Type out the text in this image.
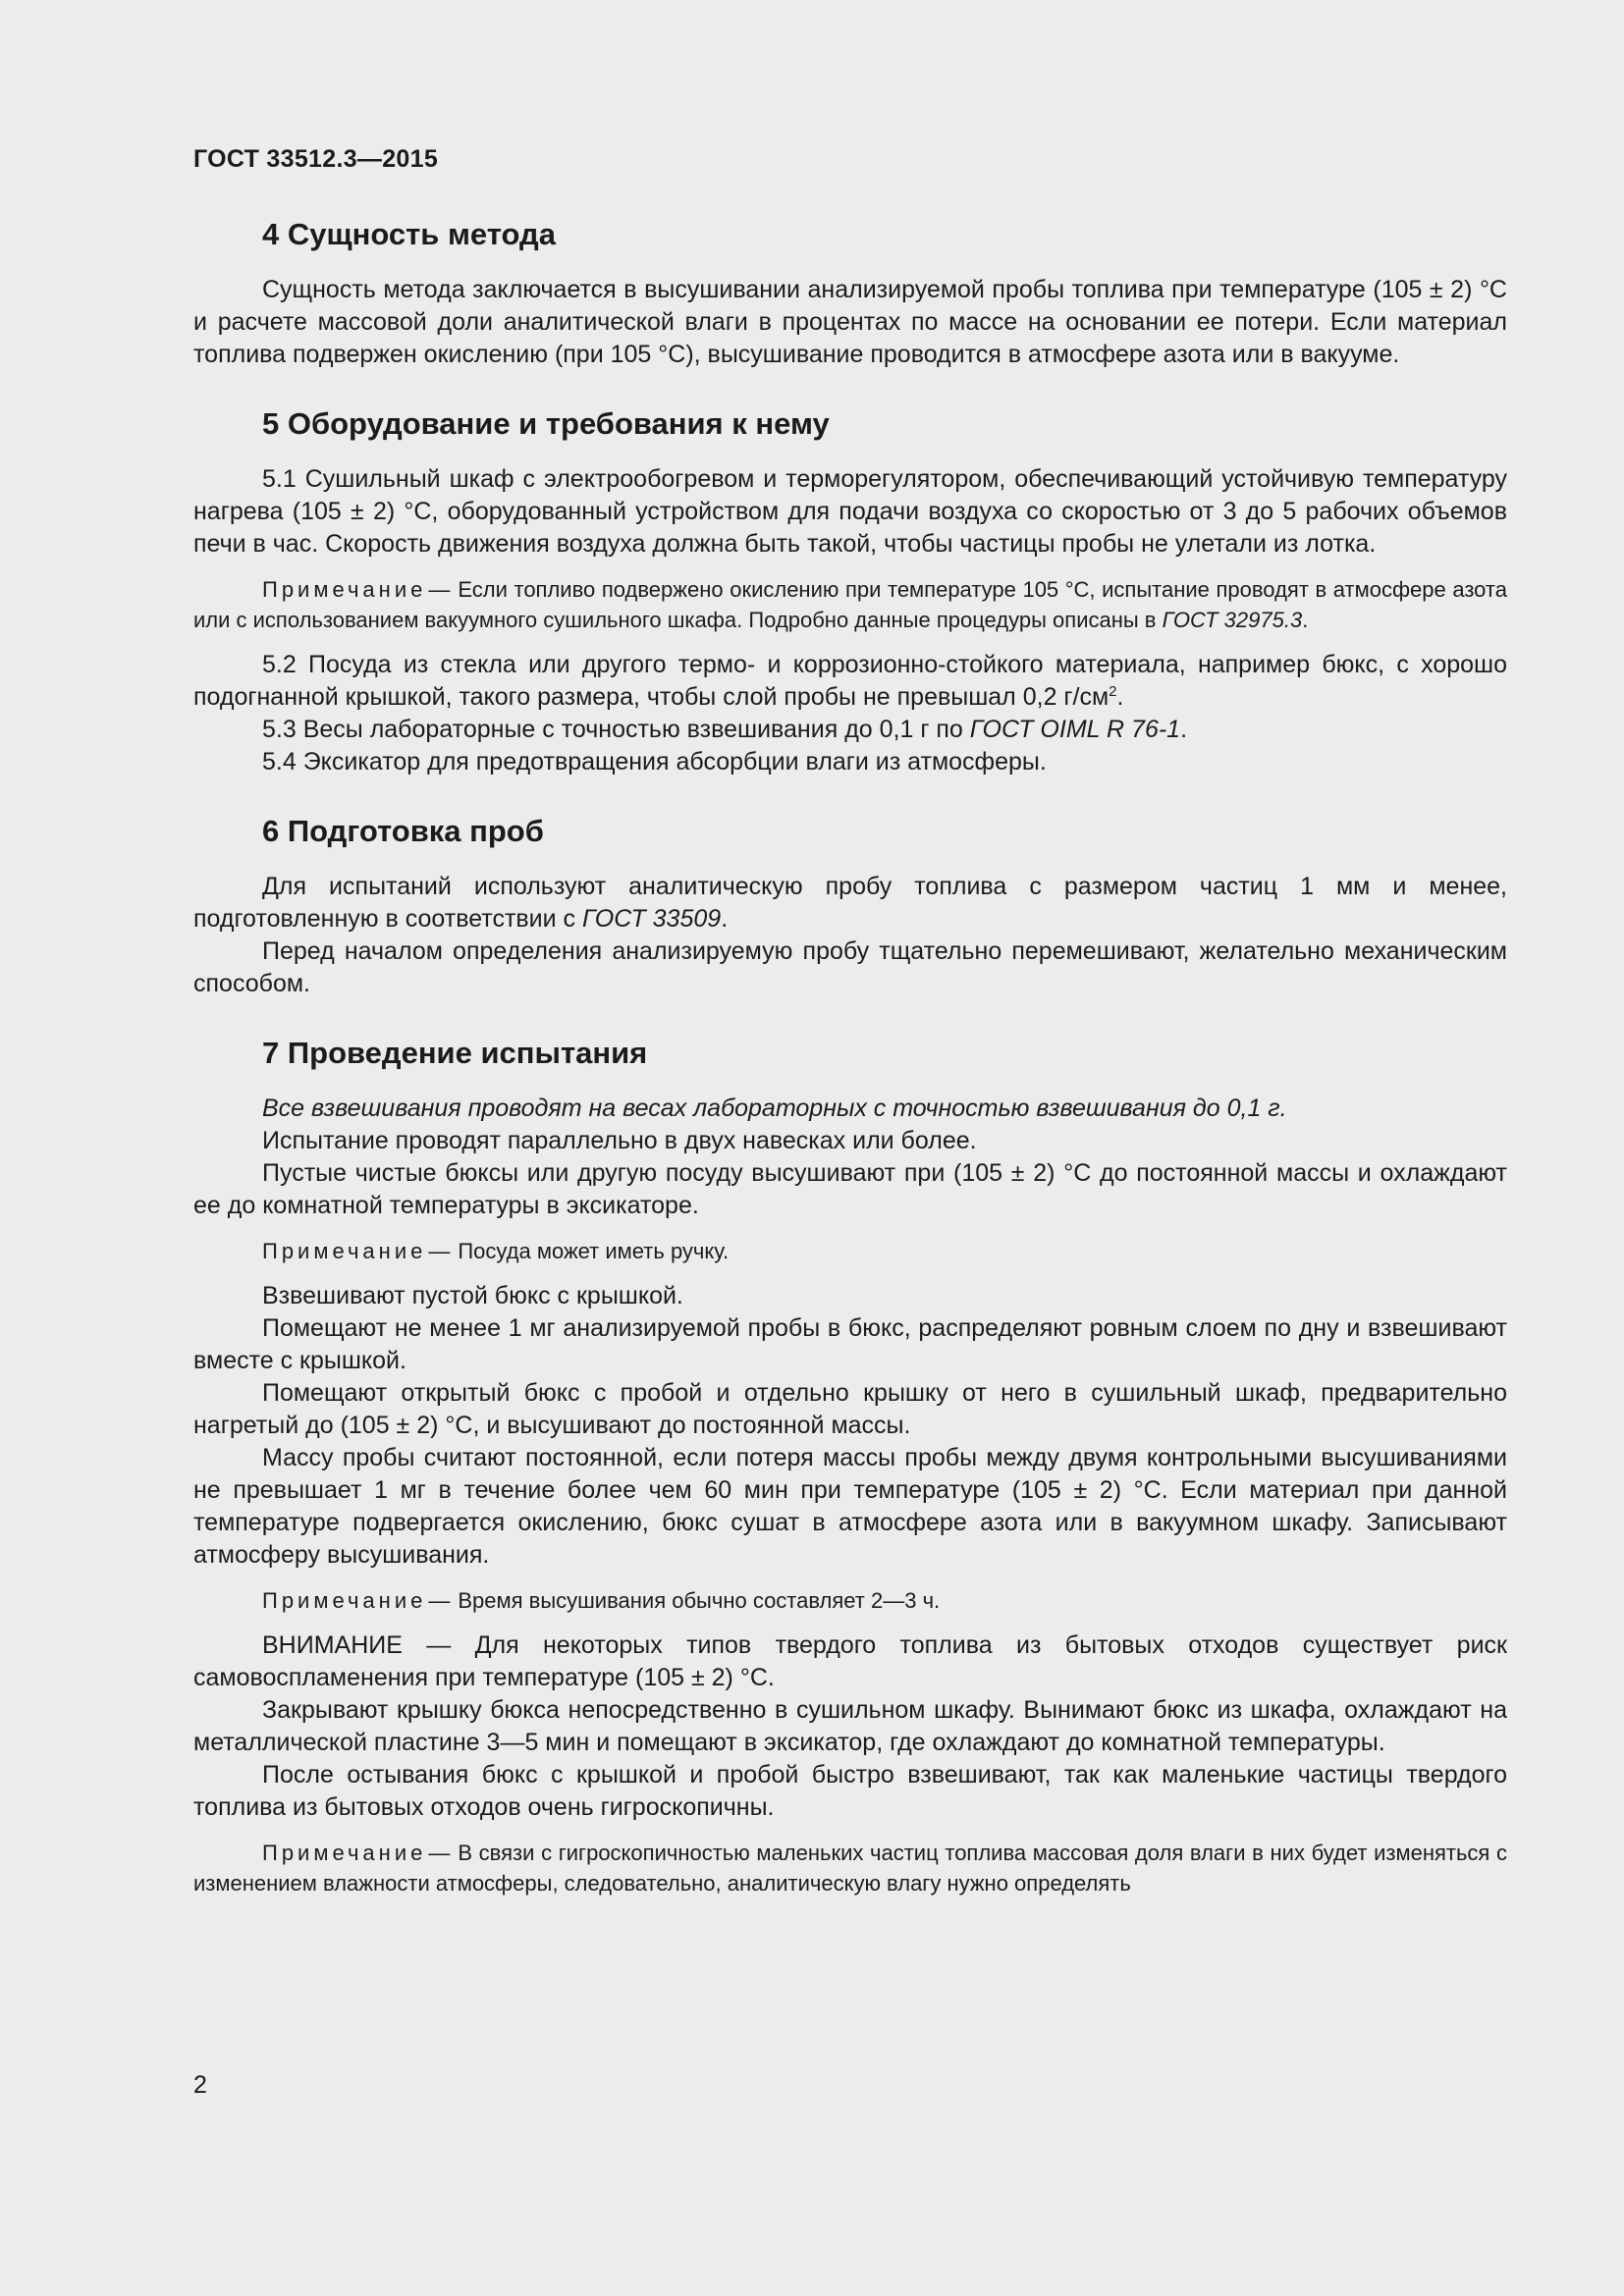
ГОСТ 33512.3—2015
4 Сущность метода

Сущность метода заключается в высушивании анализируемой пробы топлива при температуре (105 ± 2) °С и расчете массовой доли аналитической влаги в процентах по массе на основании ее потери. Если материал топлива подвержен окислению (при 105 °С), высушивание проводится в атмосфере азота или в вакууме.

5 Оборудование и требования к нему

5.1 Сушильный шкаф с электрообогревом и терморегулятором, обеспечивающий устойчивую температуру нагрева (105 ± 2) °С, оборудованный устройством для подачи воздуха со скоростью от 3 до 5 рабочих объемов печи в час. Скорость движения воздуха должна быть такой, чтобы частицы пробы не улетали из лотка.

Примечание— Если топливо подвержено окислению при температуре 105 °С, испытание проводят в атмосфере азота или с использованием вакуумного сушильного шкафа. Подробно данные процедуры описаны в ГОСТ 32975.3.

5.2 Посуда из стекла или другого термо- и коррозионно-стойкого материала, например бюкс, с хорошо подогнанной крышкой, такого размера, чтобы слой пробы не превышал 0,2 $г/см^2$.

5.3 Весы лабораторные с точностью взвешивания до 0,1 г по ГОСТ OIML R 76-1.

5.4 Эксикатор для предотвращения абсорбции влаги из атмосферы.

6 Подготовка проб

Для испытаний используют аналитическую пробу топлива с размером частиц 1 мм и менее, подготовленную в соответствии с ГОСТ 33509.

Перед началом определения анализируемую пробу тщательно перемешивают, желательно механическим способом.

7 Проведение испытания

Все взвешивания проводят на весах лабораторных с точностью взвешивания до 0,1 г.

Испытание проводят параллельно в двух навесках или более.

Пустые чистые бюксы или другую посуду высушивают при (105 ± 2) °С до постоянной массы и охлаждают ее до комнатной температуры в эксикаторе.

Примечание— Посуда может иметь ручку.

Взвешивают пустой бюкс с крышкой.

Помещают не менее 1 мг анализируемой пробы в бюкс, распределяют ровным слоем по дну и взвешивают вместе с крышкой.

Помещают открытый бюкс с пробой и отдельно крышку от него в сушильный шкаф, предварительно нагретый до (105 ± 2) °С, и высушивают до постоянной массы.

Массу пробы считают постоянной, если потеря массы пробы между двумя контрольными высушиваниями не превышает 1 мг в течение более чем 60 мин при температуре (105 ± 2) °С. Если материал при данной температуре подвергается окислению, бюкс сушат в атмосфере азота или в вакуумном шкафу. Записывают атмосферу высушивания.

Примечание— Время высушивания обычно составляет 2—3 ч.

ВНИМАНИЕ — Для некоторых типов твердого топлива из бытовых отходов существует риск самовоспламенения при температуре (105 ± 2) °С.

Закрывают крышку бюкса непосредственно в сушильном шкафу. Вынимают бюкс из шкафа, охлаждают на металлической пластине 3—5 мин и помещают в эксикатор, где охлаждают до комнатной температуры.

После остывания бюкс с крышкой и пробой быстро взвешивают, так как маленькие частицы твердого топлива из бытовых отходов очень гигроскопичны.

Примечание— В связи с гигроскопичностью маленьких частиц топлива массовая доля влаги в них будет изменяться с изменением влажности атмосферы, следовательно, аналитическую влагу нужно определять

2
